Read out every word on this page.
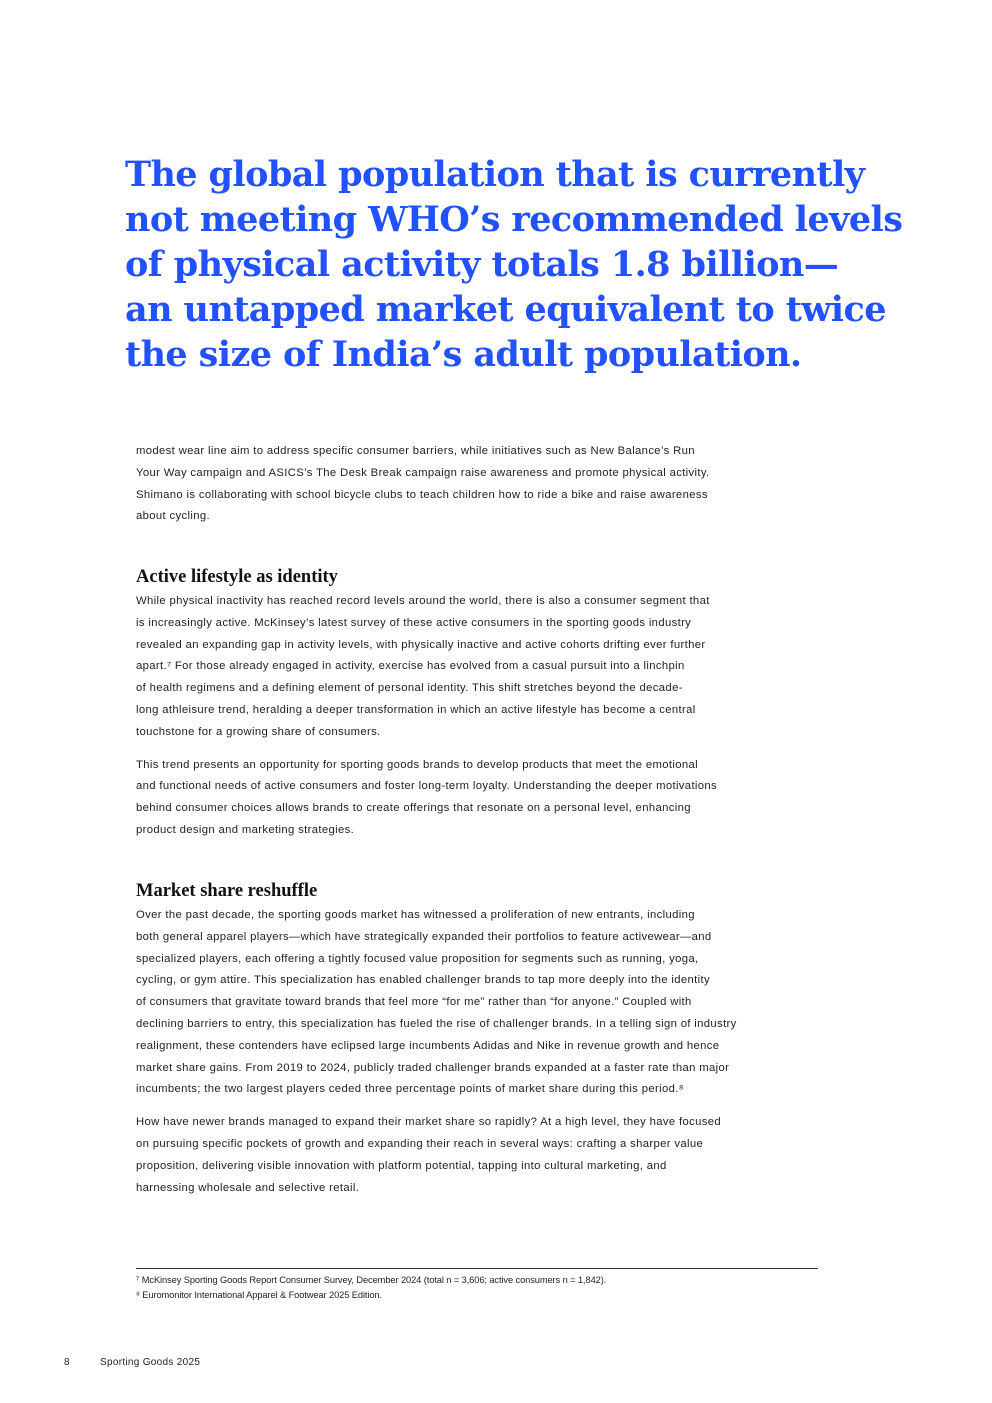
The global population that is currently
not meeting WHO’s recommended levels
of physical activity totals 1.8 billion—
an untapped market equivalent to twice
the size of India’s adult population.

modest wear line aim to address specific consumer barriers, while initiatives such as New Balance’s Run
Your Way campaign and ASICS’s The Desk Break campaign raise awareness and promote physical activity.
Shimano is collaborating with school bicycle clubs to teach children how to ride a bike and raise awareness
about cycling.

Active lifestyle as identity

While physical inactivity has reached record levels around the world, there is also a consumer segment that
is increasingly active. McKinsey’s latest survey of these active consumers in the sporting goods industry
revealed an expanding gap in activity levels, with physically inactive and active cohorts drifting ever further
apart.⁷ For those already engaged in activity, exercise has evolved from a casual pursuit into a linchpin
of health regimens and a defining element of personal identity. This shift stretches beyond the decade-
long athleisure trend, heralding a deeper transformation in which an active lifestyle has become a central
touchstone for a growing share of consumers.

This trend presents an opportunity for sporting goods brands to develop products that meet the emotional
and functional needs of active consumers and foster long-term loyalty. Understanding the deeper motivations
behind consumer choices allows brands to create offerings that resonate on a personal level, enhancing
product design and marketing strategies.

Market share reshuffle

Over the past decade, the sporting goods market has witnessed a proliferation of new entrants, including
both general apparel players—which have strategically expanded their portfolios to feature activewear—and
specialized players, each offering a tightly focused value proposition for segments such as running, yoga,
cycling, or gym attire. This specialization has enabled challenger brands to tap more deeply into the identity
of consumers that gravitate toward brands that feel more “for me” rather than “for anyone.” Coupled with
declining barriers to entry, this specialization has fueled the rise of challenger brands. In a telling sign of industry
realignment, these contenders have eclipsed large incumbents Adidas and Nike in revenue growth and hence
market share gains. From 2019 to 2024, publicly traded challenger brands expanded at a faster rate than major
incumbents; the two largest players ceded three percentage points of market share during this period.⁸

How have newer brands managed to expand their market share so rapidly? At a high level, they have focused
on pursuing specific pockets of growth and expanding their reach in several ways: crafting a sharper value
proposition, delivering visible innovation with platform potential, tapping into cultural marketing, and
harnessing wholesale and selective retail.

⁷ McKinsey Sporting Goods Report Consumer Survey, December 2024 (total n = 3,606; active consumers n = 1,842).

⁸ Euromonitor International Apparel & Footwear 2025 Edition.

8	Sporting Goods 2025
